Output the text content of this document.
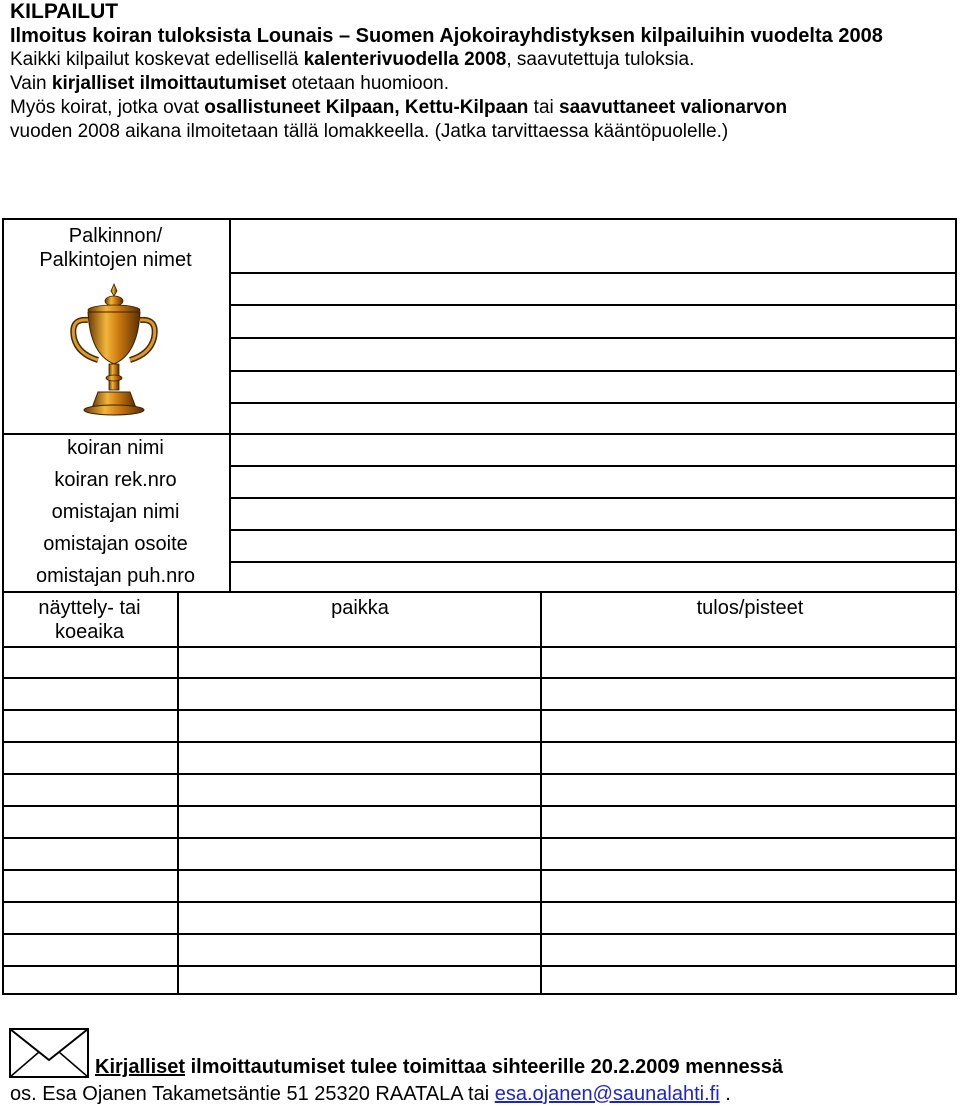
KILPAILUT
Ilmoitus koiran tuloksista Lounais – Suomen Ajokoirayhdistyksen kilpailuihin vuodelta 2008
Kaikki kilpailut koskevat edellisellä kalenterivuodella 2008, saavutettuja tuloksia.
Vain kirjalliset ilmoittautumiset otetaan huomioon.
Myös koirat, jotka ovat osallistuneet Kilpaan, Kettu-Kilpaan tai saavuttaneet valionarvon
vuoden 2008 aikana ilmoitetaan tällä lomakkeella. (Jatka tarvittaessa kääntöpuolelle.)
Palkinnon/
Palkintojen nimet
koiran nimi
koiran rek.nro
omistajan nimi
omistajan osoite
omistajan puh.nro
näyttely- tai
koeaika
paikka	tulos/pisteet
Kirjalliset ilmoittautumiset tulee toimittaa sihteerille 20.2.2009 mennessä
os. Esa Ojanen Takametsäntie 51 25320 RAATALA tai esa.ojanen@saunalahti.fi .
